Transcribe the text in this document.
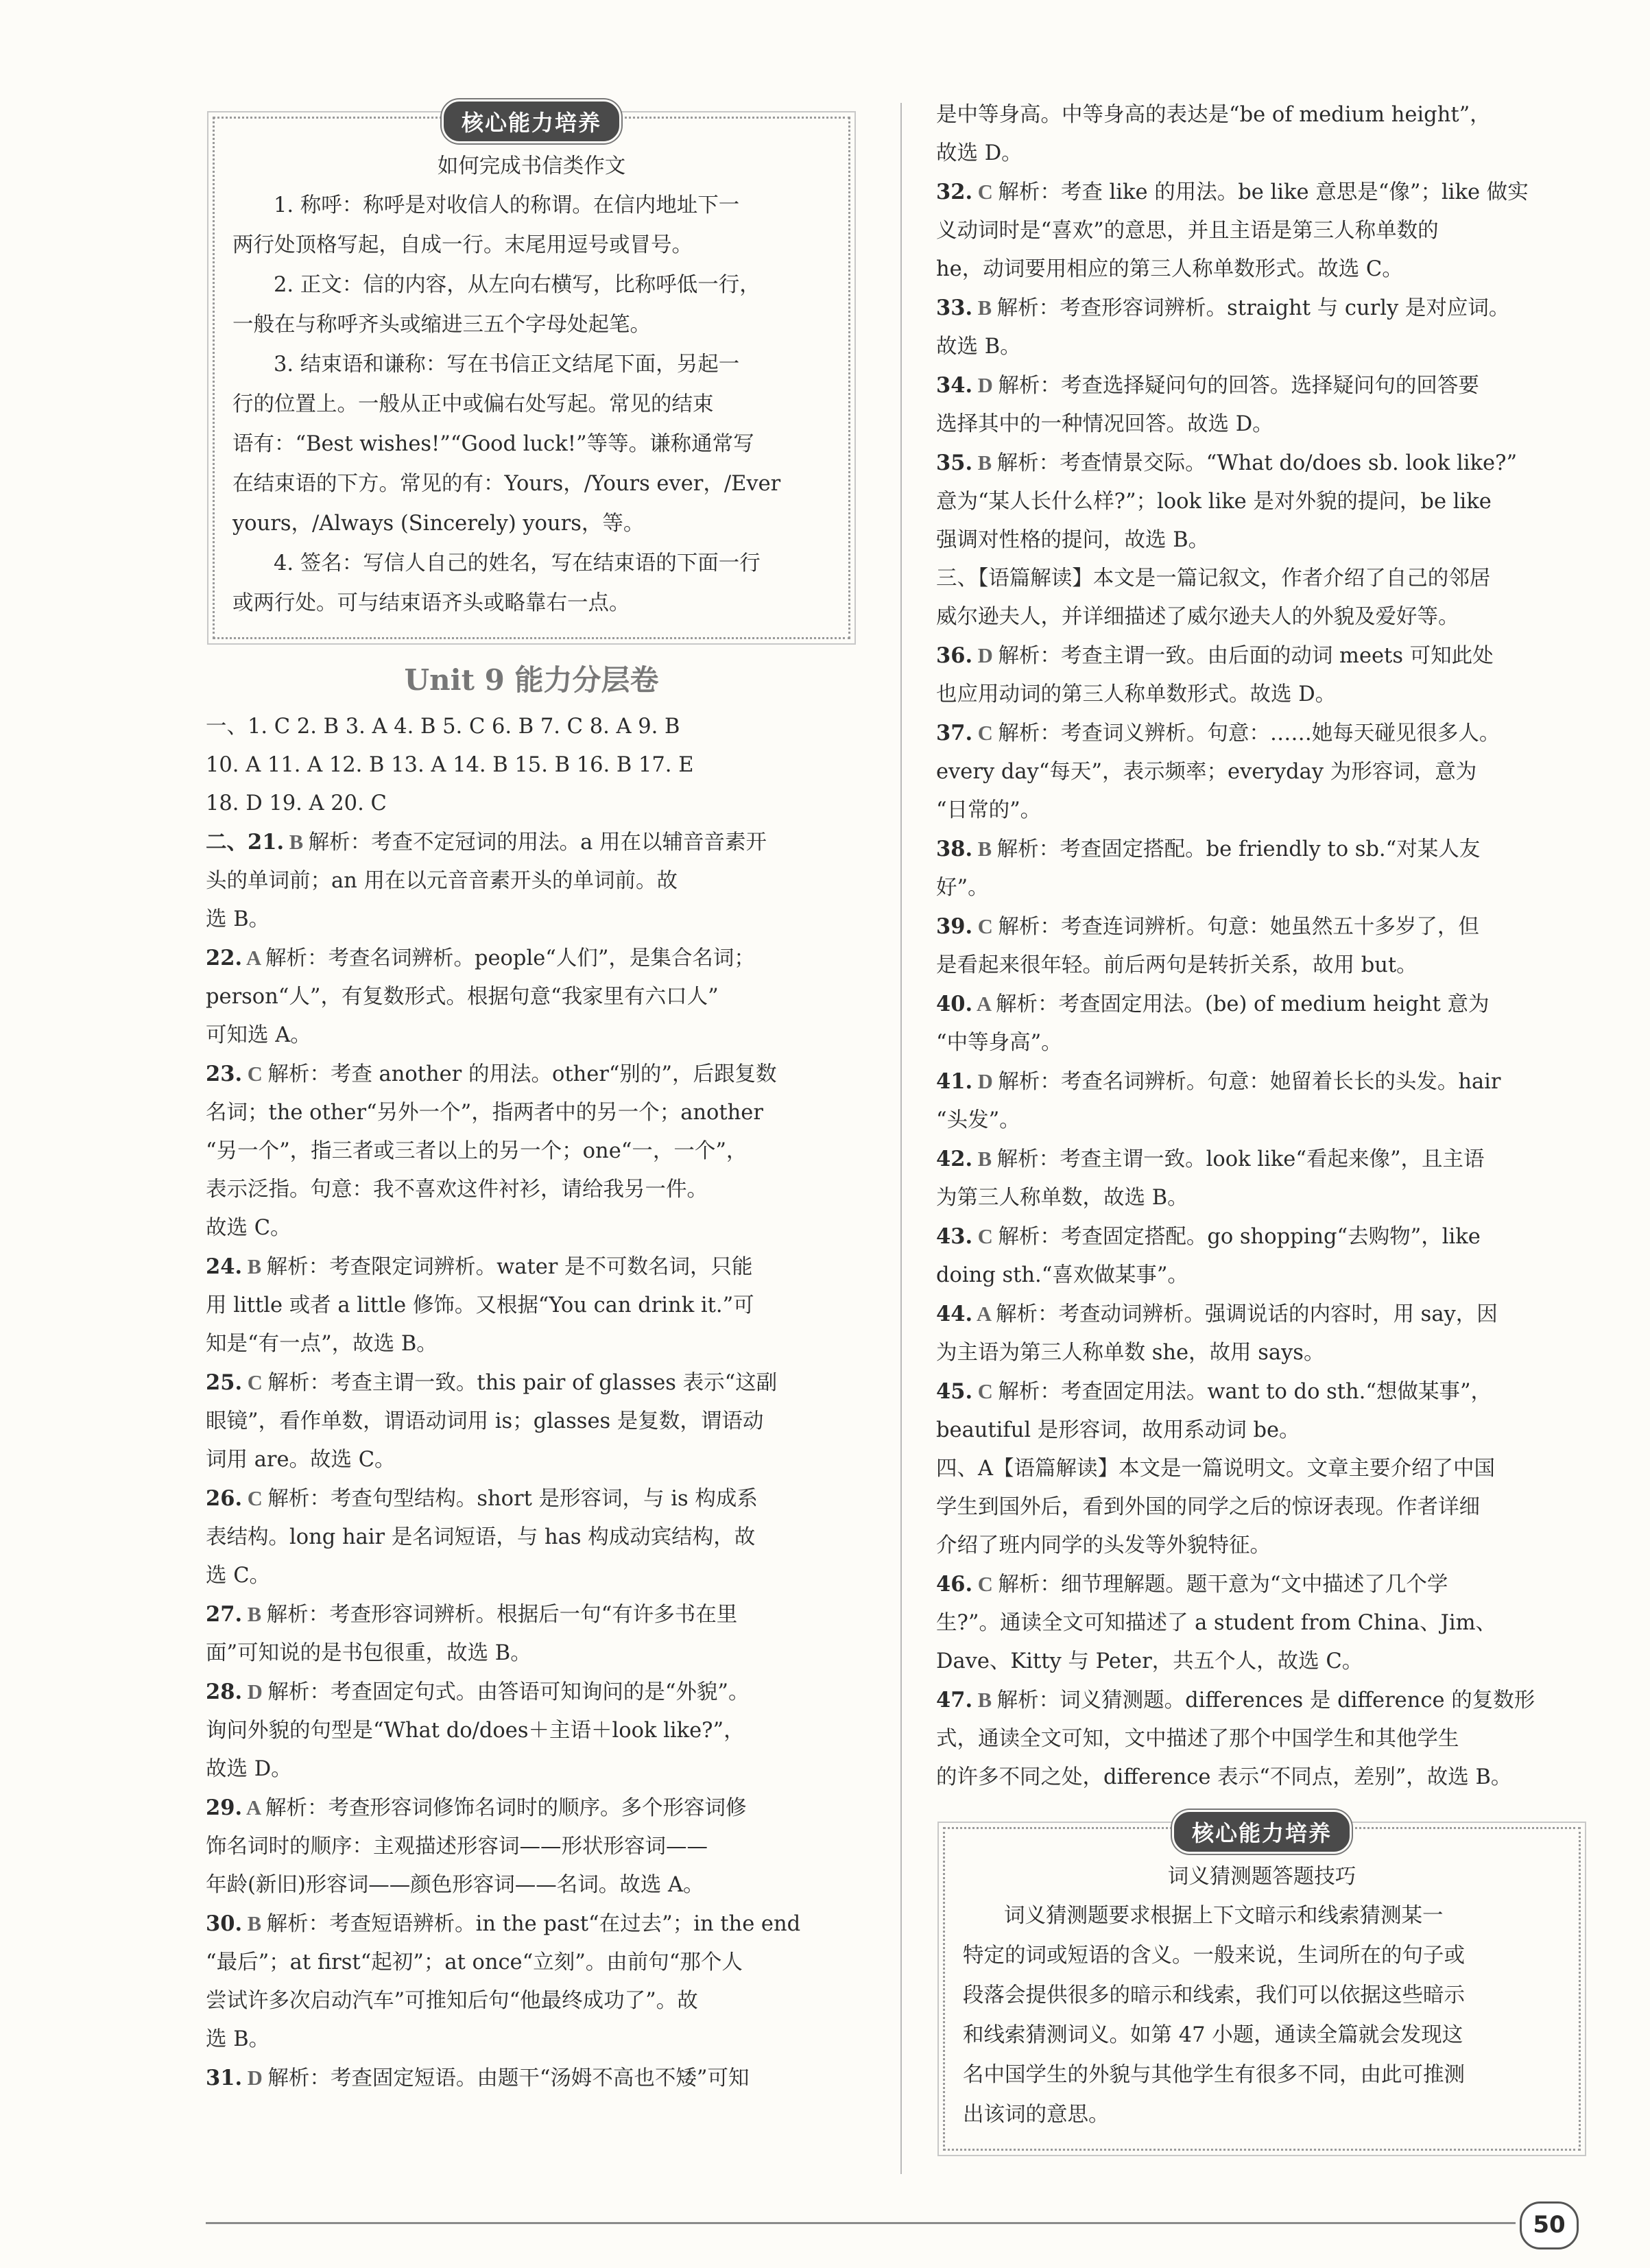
核心能力培养
如何完成书信类作文
1. 称呼：称呼是对收信人的称谓。在信内地址下一
两行处顶格写起，自成一行。末尾用逗号或冒号。
2. 正文：信的内容，从左向右横写，比称呼低一行，
一般在与称呼齐头或缩进三五个字母处起笔。
3. 结束语和谦称：写在书信正文结尾下面，另起一
行的位置上。一般从正中或偏右处写起。常见的结束
语有：“Best wishes!”“Good luck!”等等。谦称通常写
在结束语的下方。常见的有：Yours，/Yours ever，/Ever
yours，/Always (Sincerely) yours，等。
4. 签名：写信人自己的姓名，写在结束语的下面一行
或两行处。可与结束语齐头或略靠右一点。
Unit 9 能力分层卷
一、1. C 2. B 3. A 4. B 5. C 6. B 7. C 8. A 9. B
10. A 11. A 12. B 13. A 14. B 15. B 16. B 17. E
18. D 19. A 20. C
二、21. B 解析：考查不定冠词的用法。a 用在以辅音音素开
头的单词前；an 用在以元音音素开头的单词前。故
选 B。
22. A 解析：考查名词辨析。people“人们”，是集合名词；
person“人”，有复数形式。根据句意“我家里有六口人”
可知选 A。
23. C 解析：考查 another 的用法。other“别的”，后跟复数
名词；the other“另外一个”，指两者中的另一个；another
“另一个”，指三者或三者以上的另一个；one“一，一个”，
表示泛指。句意：我不喜欢这件衬衫，请给我另一件。
故选 C。
24. B 解析：考查限定词辨析。water 是不可数名词，只能
用 little 或者 a little 修饰。又根据“You can drink it.”可
知是“有一点”，故选 B。
25. C 解析：考查主谓一致。this pair of glasses 表示“这副
眼镜”，看作单数，谓语动词用 is；glasses 是复数，谓语动
词用 are。故选 C。
26. C 解析：考查句型结构。short 是形容词，与 is 构成系
表结构。long hair 是名词短语，与 has 构成动宾结构，故
选 C。
27. B 解析：考查形容词辨析。根据后一句“有许多书在里
面”可知说的是书包很重，故选 B。
28. D 解析：考查固定句式。由答语可知询问的是“外貌”。
询问外貌的句型是“What do/does＋主语＋look like?”，
故选 D。
29. A 解析：考查形容词修饰名词时的顺序。多个形容词修
饰名词时的顺序：主观描述形容词——形状形容词——
年龄(新旧)形容词——颜色形容词——名词。故选 A。
30. B 解析：考查短语辨析。in the past“在过去”；in the end
“最后”；at first“起初”；at once“立刻”。由前句“那个人
尝试许多次启动汽车”可推知后句“他最终成功了”。故
选 B。
31. D 解析：考查固定短语。由题干“汤姆不高也不矮”可知
是中等身高。中等身高的表达是“be of medium height”，
故选 D。
32. C 解析：考查 like 的用法。be like 意思是“像”；like 做实
义动词时是“喜欢”的意思，并且主语是第三人称单数的
he，动词要用相应的第三人称单数形式。故选 C。
33. B 解析：考查形容词辨析。straight 与 curly 是对应词。
故选 B。
34. D 解析：考查选择疑问句的回答。选择疑问句的回答要
选择其中的一种情况回答。故选 D。
35. B 解析：考查情景交际。“What do/does sb. look like?”
意为“某人长什么样?”；look like 是对外貌的提问，be like
强调对性格的提问，故选 B。
三、【语篇解读】本文是一篇记叙文，作者介绍了自己的邻居
威尔逊夫人，并详细描述了威尔逊夫人的外貌及爱好等。
36. D 解析：考查主谓一致。由后面的动词 meets 可知此处
也应用动词的第三人称单数形式。故选 D。
37. C 解析：考查词义辨析。句意：……她每天碰见很多人。
every day“每天”，表示频率；everyday 为形容词，意为
“日常的”。
38. B 解析：考查固定搭配。be friendly to sb.“对某人友
好”。
39. C 解析：考查连词辨析。句意：她虽然五十多岁了，但
是看起来很年轻。前后两句是转折关系，故用 but。
40. A 解析：考查固定用法。(be) of medium height 意为
“中等身高”。
41. D 解析：考查名词辨析。句意：她留着长长的头发。hair
“头发”。
42. B 解析：考查主谓一致。look like“看起来像”，且主语
为第三人称单数，故选 B。
43. C 解析：考查固定搭配。go shopping“去购物”，like
doing sth.“喜欢做某事”。
44. A 解析：考查动词辨析。强调说话的内容时，用 say，因
为主语为第三人称单数 she，故用 says。
45. C 解析：考查固定用法。want to do sth.“想做某事”，
beautiful 是形容词，故用系动词 be。
四、A【语篇解读】本文是一篇说明文。文章主要介绍了中国
学生到国外后，看到外国的同学之后的惊讶表现。作者详细
介绍了班内同学的头发等外貌特征。
46. C 解析：细节理解题。题干意为“文中描述了几个学
生?”。通读全文可知描述了 a student from China、Jim、
Dave、Kitty 与 Peter，共五个人，故选 C。
47. B 解析：词义猜测题。differences 是 difference 的复数形
式，通读全文可知，文中描述了那个中国学生和其他学生
的许多不同之处，difference 表示“不同点，差别”，故选 B。
核心能力培养
词义猜测题答题技巧
词义猜测题要求根据上下文暗示和线索猜测某一
特定的词或短语的含义。一般来说，生词所在的句子或
段落会提供很多的暗示和线索，我们可以依据这些暗示
和线索猜测词义。如第 47 小题，通读全篇就会发现这
名中国学生的外貌与其他学生有很多不同，由此可推测
出该词的意思。
50
